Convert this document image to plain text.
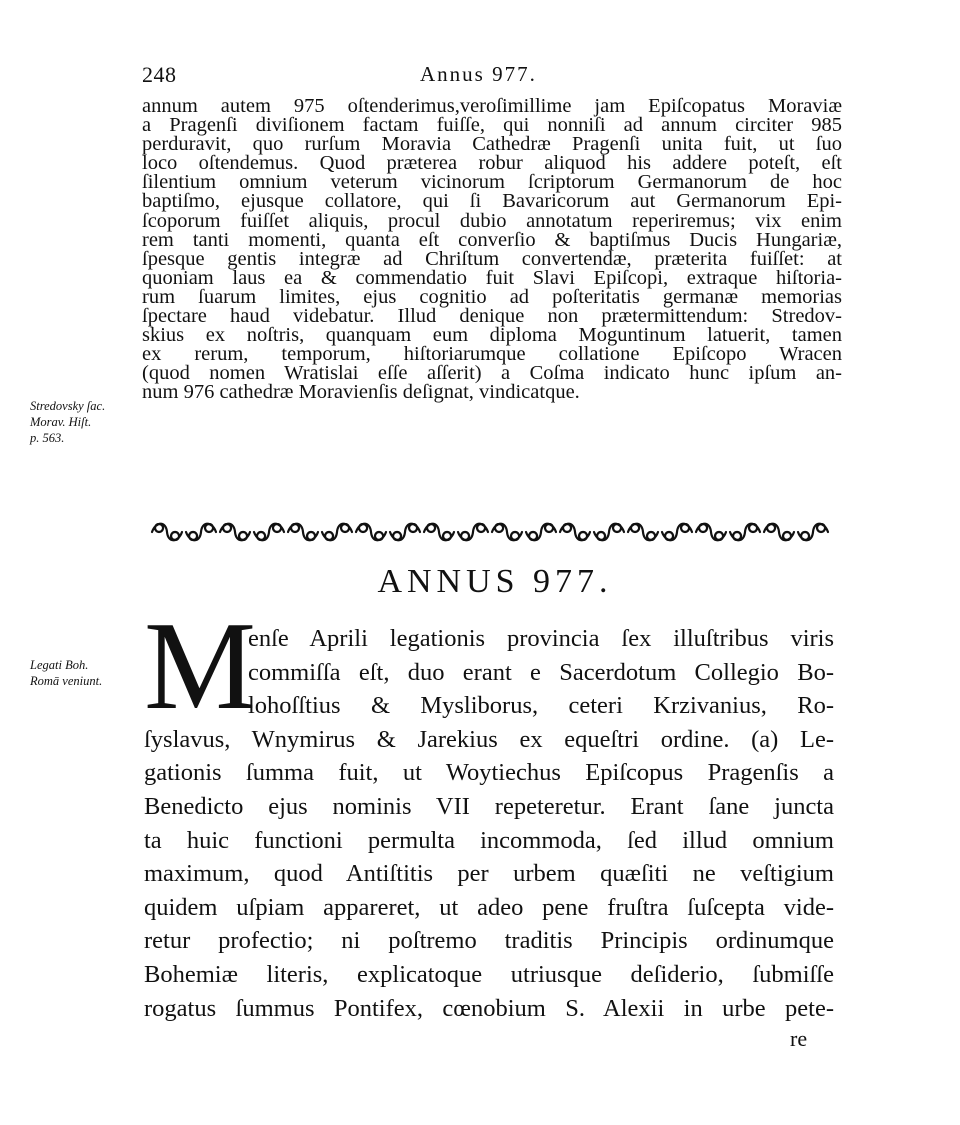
248	Annus 977.
annum autem 975 oſtenderimus,veroſimillime jam Epiſcopatus Moraviæ
a Pragenſi diviſionem factam fuiſſe, qui nonniſi ad annum circiter 985
perduravit, quo rurſum Moravia Cathedræ Pragenſi unita fuit, ut ſuo
loco oſtendemus. Quod præterea robur aliquod his addere poteſt, eſt
ſilentium omnium veterum vicinorum ſcriptorum Germanorum de hoc
baptiſmo, ejusque collatore, qui ſi Bavaricorum aut Germanorum Epi-
ſcoporum fuiſſet aliquis, procul dubio annotatum reperiremus; vix enim
rem tanti momenti, quanta eſt converſio & baptiſmus Ducis Hungariæ,
ſpesque gentis integræ ad Chriſtum convertendæ, præterita fuiſſet: at
quoniam laus ea & commendatio fuit Slavi Epiſcopi, extraque hiſtoria-
rum ſuarum limites, ejus cognitio ad poſteritatis germanæ memorias
ſpectare haud videbatur. Illud denique non prætermittendum: Stredov-
skius ex noſtris, quanquam eum diploma Moguntinum latuerit, tamen
ex rerum, temporum, hiſtoriarumque collatione Epiſcopo Wracen
(quod nomen Wratislai eſſe aſſerit) a Coſma indicato hunc ipſum an-
num 976 cathedræ Moravienſis deſignat, vindicatque.
Stredovsky ſac.
Morav. Hiſt.
p. 563.
ANNUS 977.
M
Legati Boh.
Romā veniunt.
enſe Aprili legationis provincia ſex illuſtribus viris
commiſſa eſt, duo erant e Sacerdotum Collegio Bo-
lohoſſtius & Mysliborus, ceteri Krzivanius, Ro-
ſyslavus, Wnymirus & Jarekius ex equeſtri ordine. (a) Le-
gationis ſumma fuit, ut Woytiechus Epiſcopus Pragenſis a
Benedicto ejus nominis VII repeteretur. Erant ſane juncta
ta huic functioni permulta incommoda, ſed illud omnium
maximum, quod Antiſtitis per urbem quæſiti ne veſtigium
quidem uſpiam appareret, ut adeo pene fruſtra ſuſcepta vide-
retur profectio; ni poſtremo traditis Principis ordinumque
Bohemiæ literis, explicatoque utriusque deſiderio, ſubmiſſe
rogatus ſummus Pontifex, cœnobium S. Alexii in urbe pete-
re
